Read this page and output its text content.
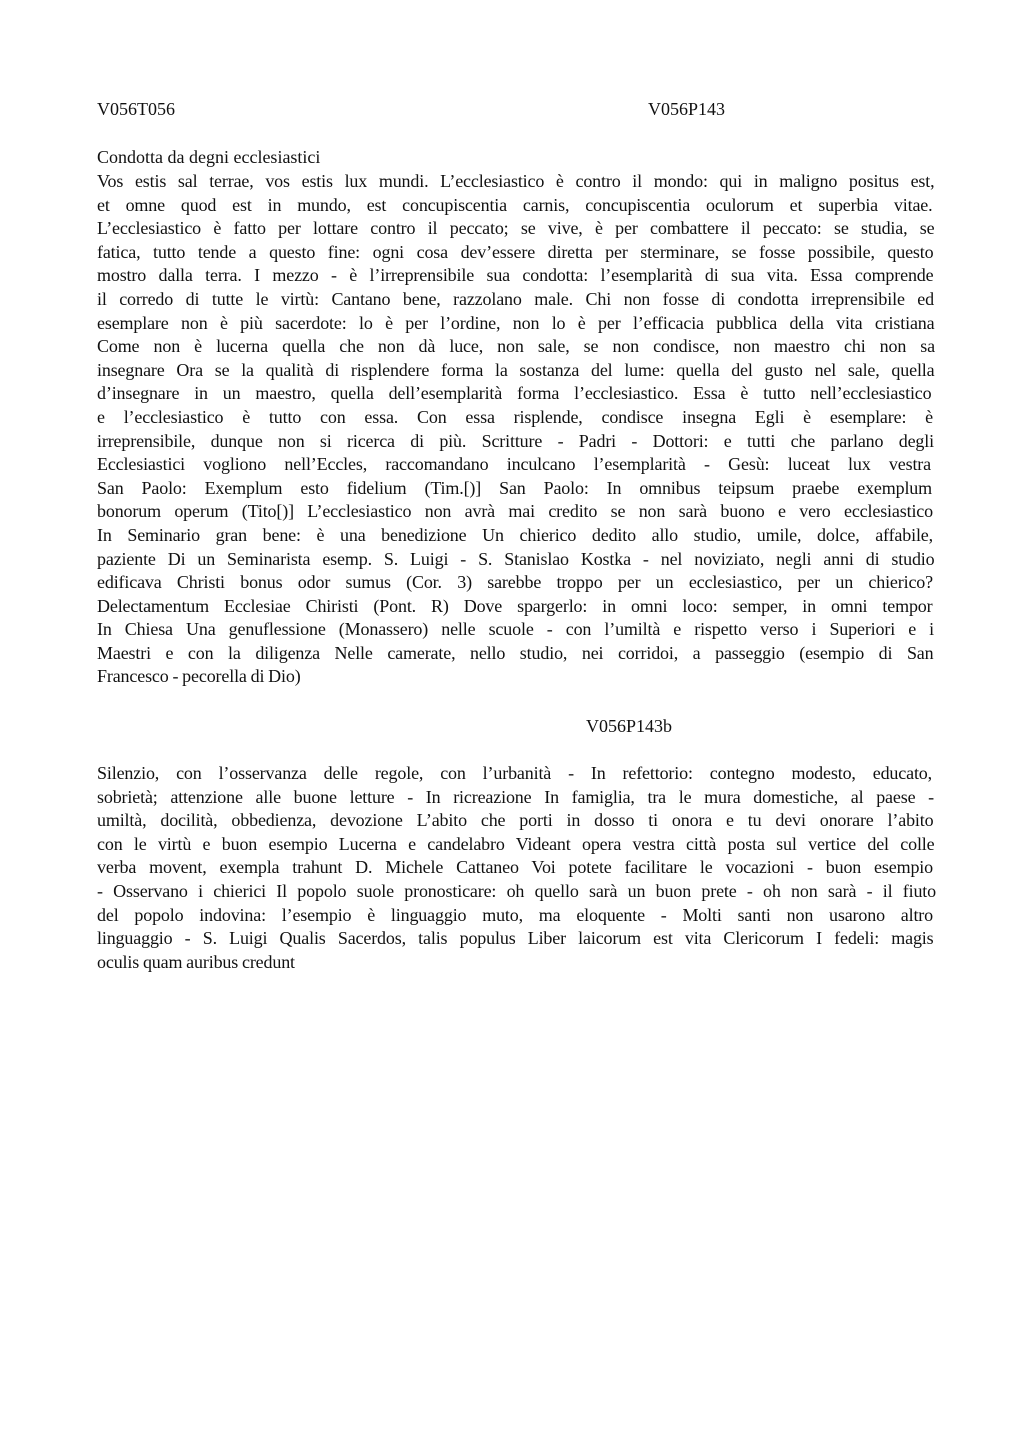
V056T056	V056P143
Condotta da degni ecclesiastici
Vos estis sal terrae, vos estis lux mundi. L’ecclesiastico è contro il mondo: qui in maligno positus est,
et omne quod est in mundo, est concupiscentia carnis, concupiscentia oculorum et superbia vitae.
L’ecclesiastico è fatto per lottare contro il peccato; se vive, è per combattere il peccato: se studia, se
fatica, tutto tende a questo fine: ogni cosa dev’essere diretta per sterminare, se fosse possibile, questo
mostro dalla terra. I mezzo - è l’irreprensibile sua condotta: l’esemplarità di sua vita. Essa comprende
il corredo di tutte le virtù: Cantano bene, razzolano male. Chi non fosse di condotta irreprensibile ed
esemplare non è più sacerdote: lo è per l’ordine, non lo è per l’efficacia pubblica della vita cristiana
Come non è lucerna quella che non dà luce, non sale, se non condisce, non maestro chi non sa
insegnare Ora se la qualità di risplendere forma la sostanza del lume: quella del gusto nel sale, quella
d’insegnare in un maestro, quella dell’esemplarità forma l’ecclesiastico. Essa è tutto nell’ecclesiastico
e l’ecclesiastico è tutto con essa. Con essa risplende, condisce insegna Egli è esemplare: è
irreprensibile, dunque non si ricerca di più. Scritture - Padri - Dottori: e tutti che parlano degli
Ecclesiastici vogliono nell’Eccles, raccomandano inculcano l’esemplarità - Gesù: luceat lux vestra
San Paolo: Exemplum esto fidelium (Tim.[)] San Paolo: In omnibus teipsum praebe exemplum
bonorum operum (Tito[)] L’ecclesiastico non avrà mai credito se non sarà buono e vero ecclesiastico
In Seminario gran bene: è una benedizione Un chierico dedito allo studio, umile, dolce, affabile,
paziente Di un Seminarista esemp. S. Luigi - S. Stanislao Kostka - nel noviziato, negli anni di studio
edificava Christi bonus odor sumus (Cor. 3) sarebbe troppo per un ecclesiastico, per un chierico?
Delectamentum Ecclesiae Chiristi (Pont. R) Dove spargerlo: in omni loco: semper, in omni tempor
In Chiesa Una genuflessione (Monassero) nelle scuole - con l’umiltà e rispetto verso i Superiori e i
Maestri e con la diligenza Nelle camerate, nello studio, nei corridoi, a passeggio (esempio di San
Francesco - pecorella di Dio)
V056P143b
Silenzio, con l’osservanza delle regole, con l’urbanità - In refettorio: contegno modesto, educato,
sobrietà; attenzione alle buone letture - In ricreazione In famiglia, tra le mura domestiche, al paese -
umiltà, docilità, obbedienza, devozione L’abito che porti in dosso ti onora e tu devi onorare l’abito
con le virtù e buon esempio Lucerna e candelabro Videant opera vestra città posta sul vertice del colle
verba movent, exempla trahunt D. Michele Cattaneo Voi potete facilitare le vocazioni - buon esempio
- Osservano i chierici Il popolo suole pronosticare: oh quello sarà un buon prete - oh non sarà - il fiuto
del popolo indovina: l’esempio è linguaggio muto, ma eloquente - Molti santi non usarono altro
linguaggio - S. Luigi Qualis Sacerdos, talis populus Liber laicorum est vita Clericorum I fedeli: magis
oculis quam auribus credunt
